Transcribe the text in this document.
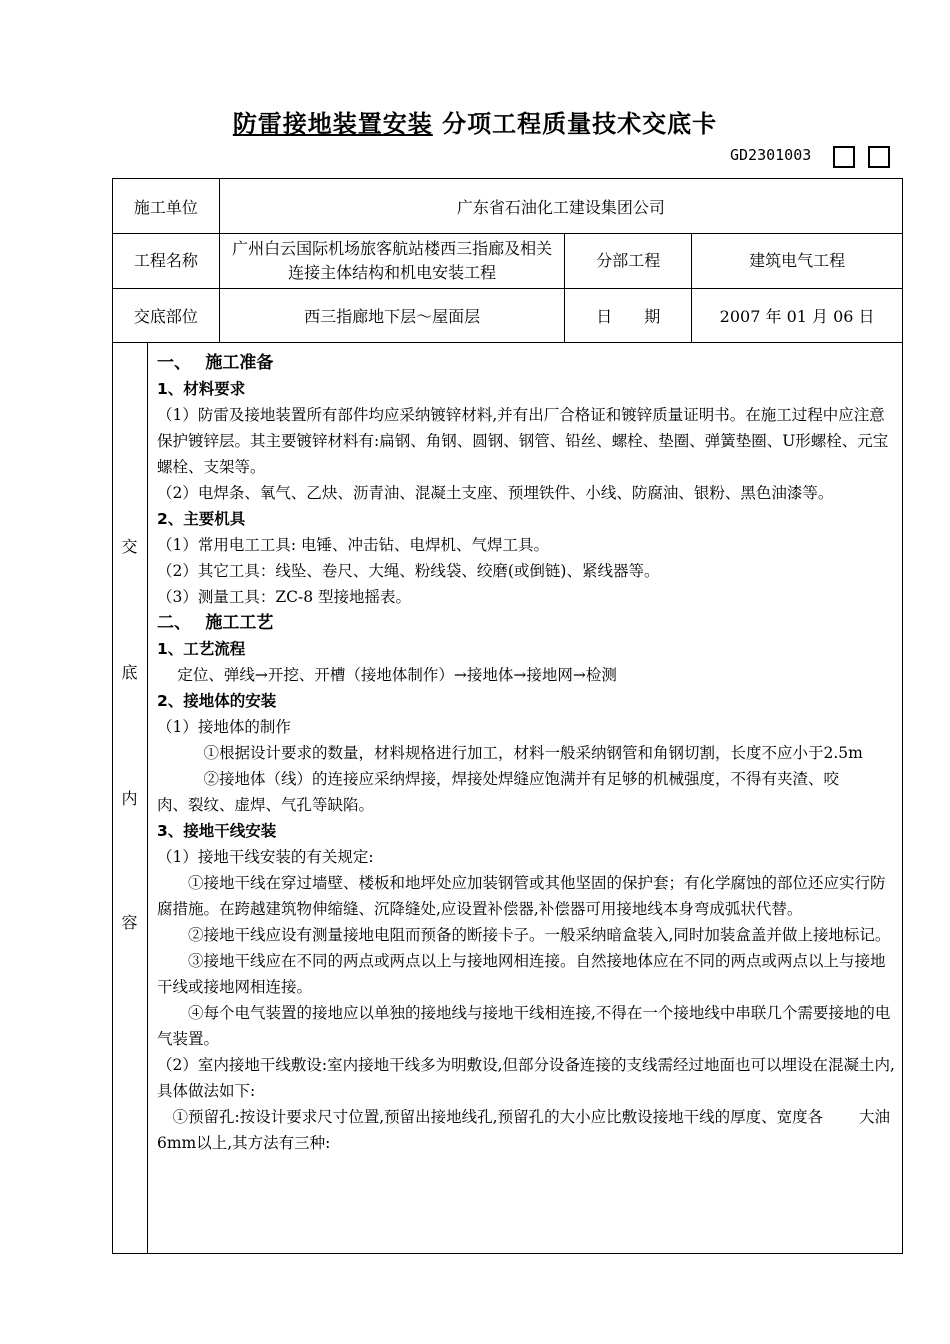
防雷接地装置安装 分项工程质量技术交底卡
GD2301003
施工单位	广东省石油化工建设集团公司		
工程名称	广州白云国际机场旅客航站楼西三指廊及相关连接主体结构和机电安装工程	分部工程	建筑电气工程
交底部位	西三指廊地下层～屋面层	日　　期	2007 年 01 月 06 日
交
底
内
容

一、　 施工准备

1、材料要求

（1）防雷及接地装置所有部件均应采纳镀锌材料,并有出厂合格证和镀锌质量证明书。在施工过程中应注意保护镀锌层。其主要镀锌材料有:扁钢、角钢、圆钢、钢管、铅丝、螺栓、垫圈、弹簧垫圈、U形螺栓、元宝螺栓、支架等。

（2）电焊条、氧气、乙炔、沥青油、混凝土支座、预埋铁件、小线、防腐油、银粉、黑色油漆等。

2、主要机具

（1）常用电工工具: 电锤、冲击钻、电焊机、气焊工具。

（2）其它工具：线坠、卷尺、大绳、粉线袋、绞磨(或倒链)、紧线器等。

（3）测量工具：ZC-8 型接地摇表。

二、　 施工工艺

1、工艺流程

　 定位、弹线→开挖、开槽（接地体制作）→接地体→接地网→检测

2、接地体的安装

（1）接地体的制作

　　　①根据设计要求的数量，材料规格进行加工，材料一般采纳钢管和角钢切割，长度不应小于2.5m

　　　②接地体（线）的连接应采纳焊接，焊接处焊缝应饱满并有足够的机械强度，不得有夹渣、咬　　　　 肉、裂纹、虚焊、气孔等缺陷。

3、接地干线安装

（1）接地干线安装的有关规定:

　　①接地干线在穿过墙壁、楼板和地坪处应加装钢管或其他坚固的保护套；有化学腐蚀的部位还应实行防腐措施。在跨越建筑物伸缩缝、沉降缝处,应设置补偿器,补偿器可用接地线本身弯成弧状代替。

　　②接地干线应设有测量接地电阻而预备的断接卡子。一般采纳暗盒装入,同时加装盒盖并做上接地标记。

　　③接地干线应在不同的两点或两点以上与接地网相连接。自然接地体应在不同的两点或两点以上与接地干线或接地网相连接。

　　④每个电气装置的接地应以单独的接地线与接地干线相连接,不得在一个接地线中串联几个需要接地的电气装置。

（2）室内接地干线敷设:室内接地干线多为明敷设,但部分设备连接的支线需经过地面也可以埋设在混凝土内,具体做法如下:

　①预留孔:按设计要求尺寸位置,预留出接地线孔,预留孔的大小应比敷设接地干线的厚度、宽度各　　 大油6mm以上,其方法有三种:
